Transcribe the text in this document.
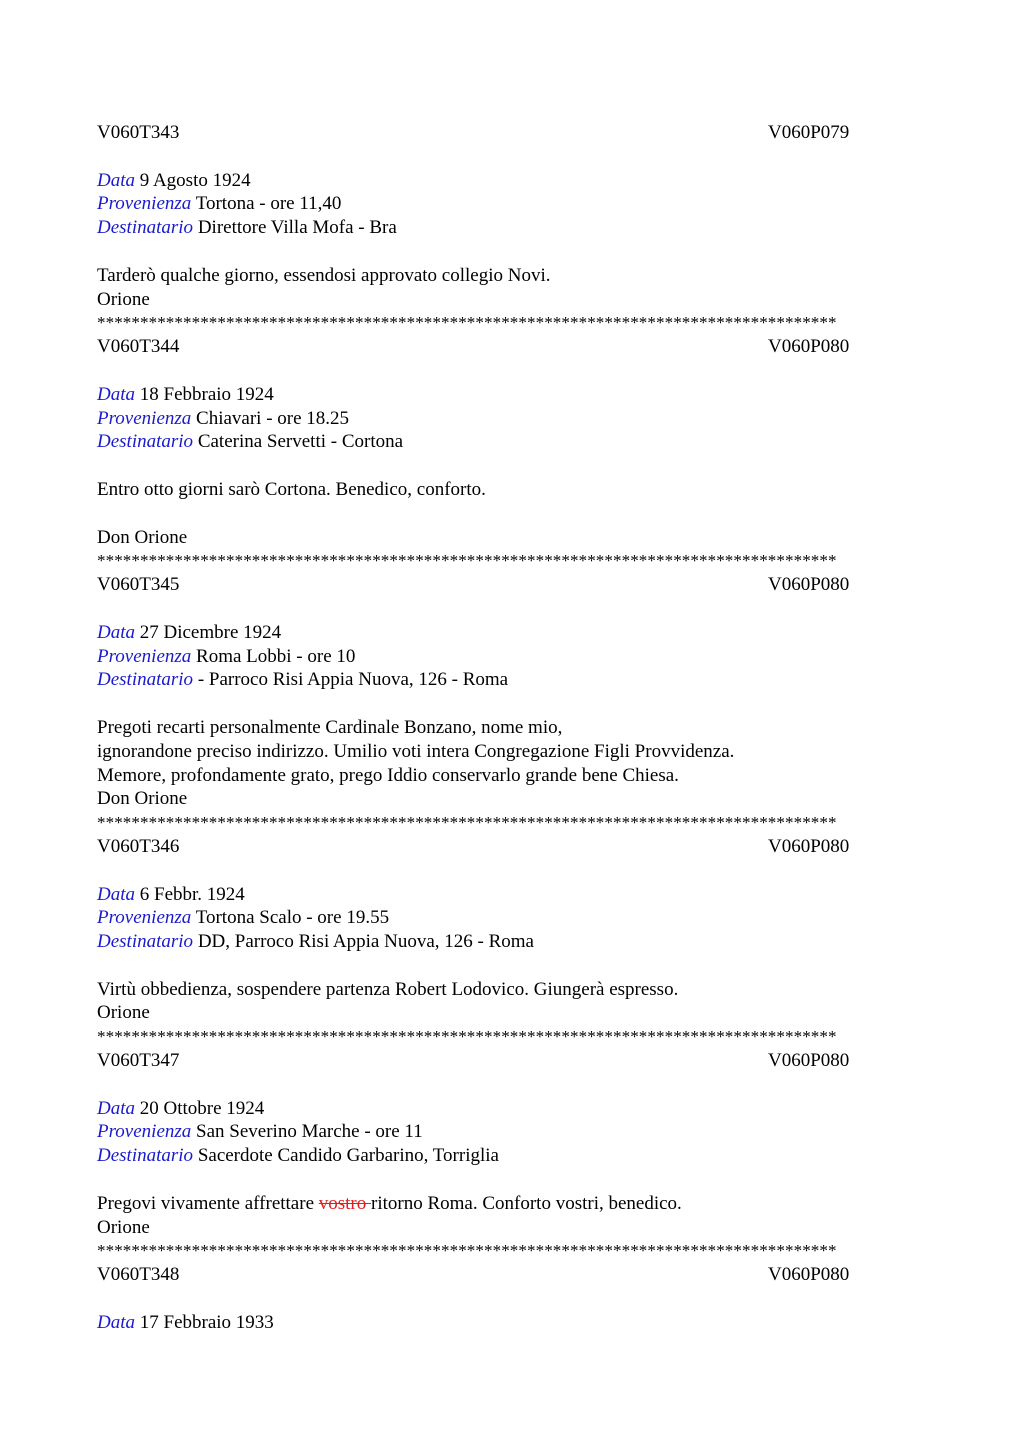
V060T343	V060P079
Data 9 Agosto 1924
Provenienza Tortona - ore 11,40
Destinatario Direttore Villa Mofa - Bra
Tarderò qualche giorno, essendosi approvato collegio Novi.
Orione
**************************************************************************************
V060T344	V060P080
Data 18 Febbraio 1924
Provenienza Chiavari - ore 18.25
Destinatario Caterina Servetti - Cortona
Entro otto giorni sarò Cortona. Benedico, conforto.
Don Orione
**************************************************************************************
V060T345	V060P080
Data 27 Dicembre 1924
Provenienza Roma Lobbi - ore 10
Destinatario - Parroco Risi Appia Nuova, 126 - Roma
Pregoti recarti personalmente Cardinale Bonzano, nome mio,
ignorandone preciso indirizzo. Umilio voti intera Congregazione Figli Provvidenza.
Memore, profondamente grato, prego Iddio conservarlo grande bene Chiesa.
Don Orione
**************************************************************************************
V060T346	V060P080
Data 6 Febbr. 1924
Provenienza Tortona Scalo - ore 19.55
Destinatario DD, Parroco Risi Appia Nuova, 126 - Roma
Virtù obbedienza, sospendere partenza Robert Lodovico. Giungerà espresso.
Orione
**************************************************************************************
V060T347	V060P080
Data 20 Ottobre 1924
Provenienza San Severino Marche - ore 11
Destinatario Sacerdote Candido Garbarino, Torriglia
Pregovi vivamente affrettare vostro ritorno Roma. Conforto vostri, benedico.
Orione
**************************************************************************************
V060T348	V060P080
Data 17 Febbraio 1933
